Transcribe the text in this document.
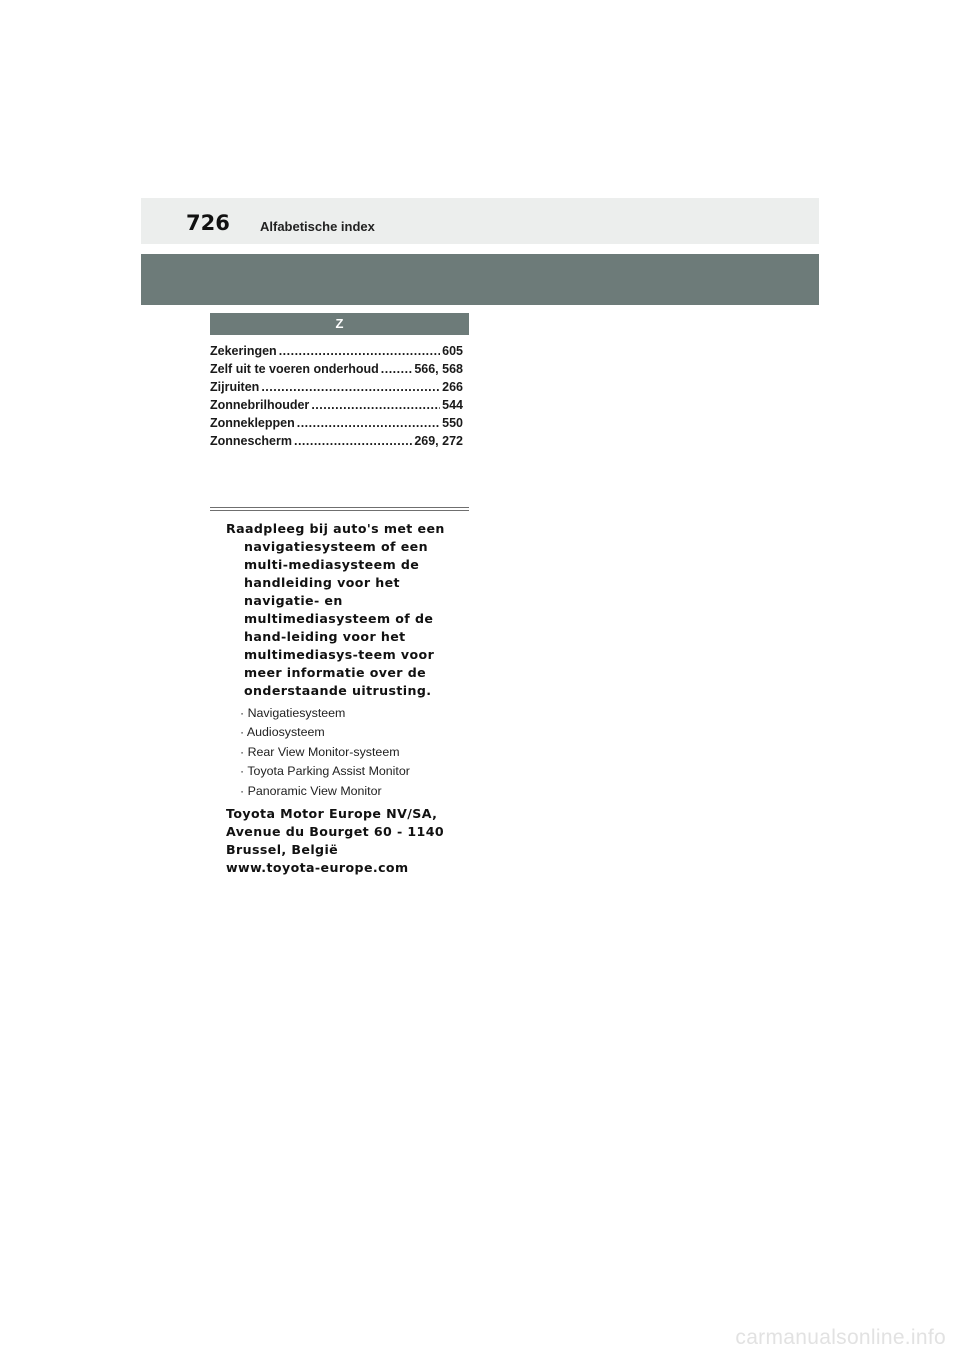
726 Alfabetische index
Z
Zekeringen .....	605
Zelf uit te voeren onderhoud .....	566, 568
Zijruiten .....	266
Zonnebrilhouder .....	544
Zonnekleppen .....	550
Zonnescherm .....	269, 272

Raadpleeg bij auto's met een navigatiesysteem of een multi-mediasysteem de handleiding voor het navigatie- en multimediasysteem of de hand-leiding voor het multimediasys-teem voor meer informatie over de onderstaande uitrusting.

· Navigatiesysteem
· Audiosysteem
· Rear View Monitor-systeem
· Toyota Parking Assist Monitor
· Panoramic View Monitor

Toyota Motor Europe NV/SA,
Avenue du Bourget 60 - 1140
Brussel, België
www.toyota-europe.com

carmanualsonline.info
